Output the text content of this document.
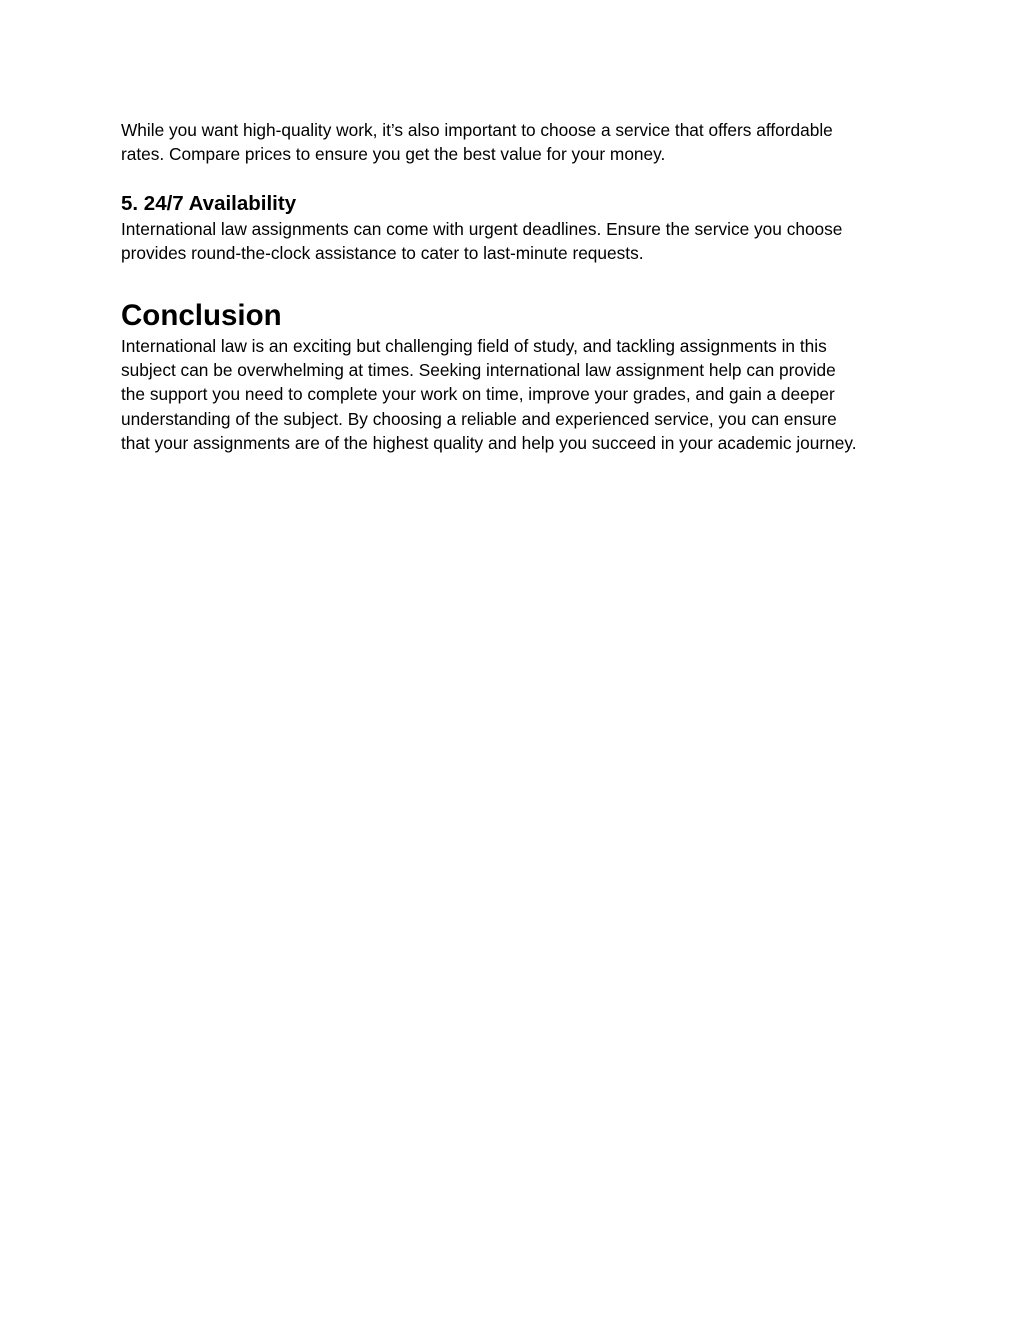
While you want high-quality work, it’s also important to choose a service that offers affordable
rates. Compare prices to ensure you get the best value for your money.

5. 24/7 Availability

International law assignments can come with urgent deadlines. Ensure the service you choose
provides round-the-clock assistance to cater to last-minute requests.

Conclusion

International law is an exciting but challenging field of study, and tackling assignments in this
subject can be overwhelming at times. Seeking international law assignment help can provide
the support you need to complete your work on time, improve your grades, and gain a deeper
understanding of the subject. By choosing a reliable and experienced service, you can ensure
that your assignments are of the highest quality and help you succeed in your academic journey.
